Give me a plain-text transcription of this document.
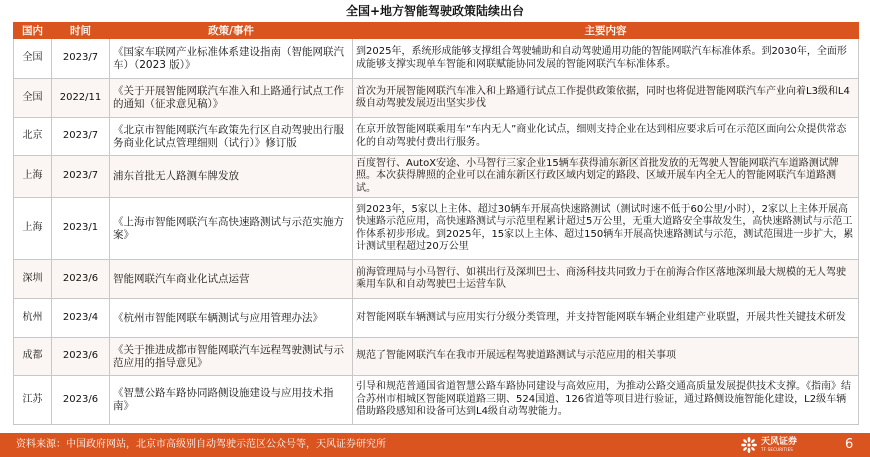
全国+地方智能驾驶政策陆续出台
国内	时间	政策/事件	主要内容
全国	2023/7	《国家车联网产业标准体系建设指南（智能网联汽车）（2023 版）》	到2025年，系统形成能够支撑组合驾驶辅助和自动驾驶通用功能的智能网联汽车标准体系。到2030年，全面形成能够支撑实现单车智能和网联赋能协同发展的智能网联汽车标准体系。
全国	2022/11	《关于开展智能网联汽车准入和上路通行试点工作的通知（征求意见稿）》	首次为开展智能网联汽车准入和上路通行试点工作提供政策依据，同时也将促进智能网联汽车产业向着L3级和L4级自动驾驶发展迈出坚实步伐
北京	2023/7	《北京市智能网联汽车政策先行区自动驾驶出行服务商业化试点管理细则（试行）》修订版	在京开放智能网联乘用车“车内无人”商业化试点，细则支持企业在达到相应要求后可在示范区面向公众提供常态化的自动驾驶付费出行服务。
上海	2023/7	浦东首批无人路测车牌发放	百度智行、AutoX安途、小马智行三家企业15辆车获得浦东新区首批发放的无驾驶人智能网联汽车道路测试牌照。本次获得牌照的企业可以在浦东新区行政区域内划定的路段、区域开展车内全无人的智能网联汽车道路测试。
上海	2023/1	《上海市智能网联汽车高快速路测试与示范实施方案》	到2023年，5家以上主体、超过30辆车开展高快速路测试（测试时速不低于60公里/小时），2家以上主体开展高快速路示范应用，高快速路测试与示范里程累计超过5万公里，无重大道路安全事故发生，高快速路测试与示范工作体系初步形成。到2025年，15家以上主体、超过150辆车开展高快速路测试与示范，测试范围进一步扩大，累计测试里程超过20万公里
深圳	2023/6	智能网联汽车商业化试点运营	前海管理局与小马智行、如祺出行及深圳巴士、商汤科技共同致力于在前海合作区落地深圳最大规模的无人驾驶乘用车队和自动驾驶巴士运营车队
杭州	2023/4	《杭州市智能网联车辆测试与应用管理办法》	对智能网联车辆测试与应用实行分级分类管理，并支持智能网联车辆企业组建产业联盟，开展共性关键技术研发
成都	2023/6	《关于推进成都市智能网联汽车远程驾驶测试与示范应用的指导意见》	规范了智能网联汽车在我市开展远程驾驶道路测试与示范应用的相关事项
江苏	2023/6	《智慧公路车路协同路侧设施建设与应用技术指南》	引导和规范普通国省道智慧公路车路协同建设与高效应用，为推动公路交通高质量发展提供技术支撑。《指南》结合苏州市相城区智能网联道路三期、524国道、126省道等项目进行验证，通过路侧设施智能化建设，L2级车辆借助路段感知和设备可达到L4级自动驾驶能力。
资料来源：中国政府网站，北京市高级别自动驾驶示范区公众号等，天风证券研究所	天风证券
TF SECURITIES	6
